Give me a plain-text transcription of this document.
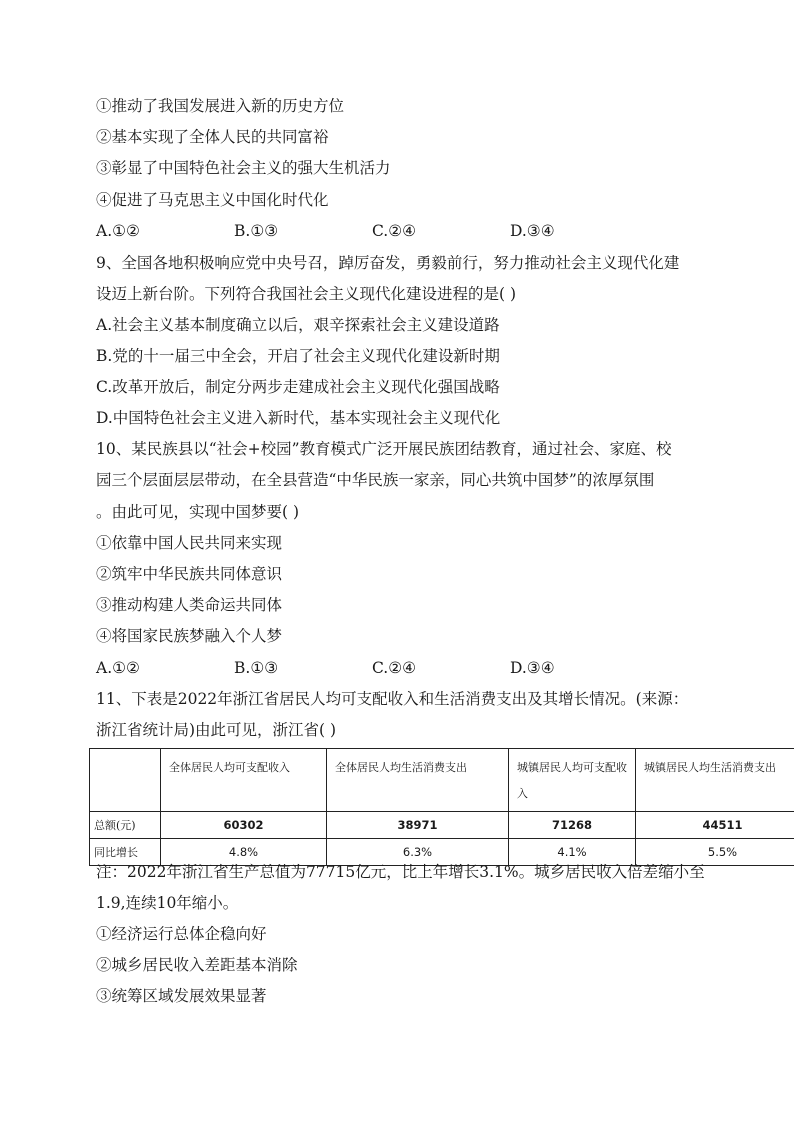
①推动了我国发展进入新的历史方位
②基本实现了全体人民的共同富裕
③彰显了中国特色社会主义的强大生机活力
④促进了马克思主义中国化时代化
A.①②	B.①③	C.②④	D.③④
9、全国各地积极响应党中央号召，踔厉奋发，勇毅前行，努力推动社会主义现代化建
设迈上新台阶。下列符合我国社会主义现代化建设进程的是( )
A.社会主义基本制度确立以后，艰辛探索社会主义建设道路
B.党的十一届三中全会，开启了社会主义现代化建设新时期
C.改革开放后，制定分两步走建成社会主义现代化强国战略
D.中国特色社会主义进入新时代，基本实现社会主义现代化
10、某民族县以“社会+校园”教育模式广泛开展民族团结教育，通过社会、家庭、校
园三个层面层层带动，在全县营造“中华民族一家亲，同心共筑中国梦”的浓厚氛围
。由此可见，实现中国梦要( )
①依靠中国人民共同来实现
②筑牢中华民族共同体意识
③推动构建人类命运共同体
④将国家民族梦融入个人梦
A.①②	B.①③	C.②④	D.③④
11、下表是2022年浙江省居民人均可支配收入和生活消费支出及其增长情况。(来源：
浙江省统计局)由此可见，浙江省( )
	全体居民人均可支配收入	全体居民人均生活消费支出	城镇居民人均可支配收入	城镇居民人均生活消费支出
总额(元)	60302	38971	71268	44511
同比增长	4.8%	6.3%	4.1%	5.5%
注：2022年浙江省生产总值为77715亿元，比上年增长3.1%。城乡居民收入倍差缩小至
1.9,连续10年缩小。
①经济运行总体企稳向好
②城乡居民收入差距基本消除
③统筹区域发展效果显著
